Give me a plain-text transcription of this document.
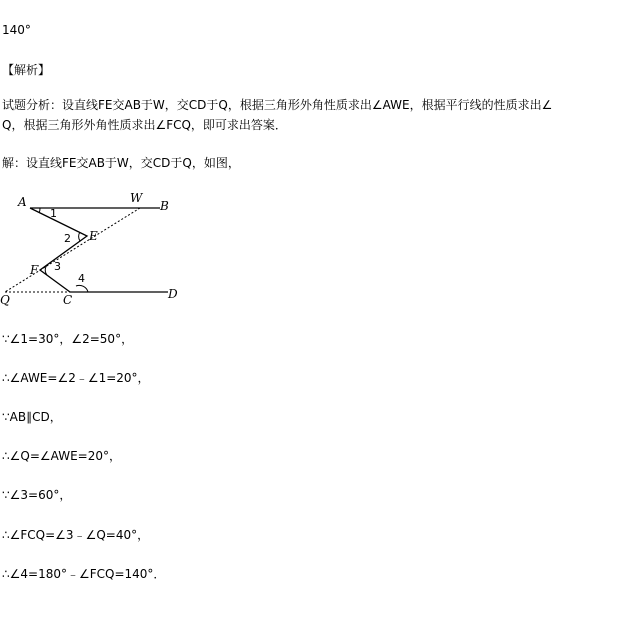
140°
【解析】
试题分析：设直线FE交AB于W，交CD于Q，根据三角形外角性质求出∠AWE，根据平行线的性质求出∠
Q，根据三角形外角性质求出∠FCQ，即可求出答案．
解：设直线FE交AB于W，交CD于Q，如图，
A	W
B
E
F
Q	C	D
1
2
3
4
∵∠1=30°，∠2=50°，
∴∠AWE=∠2﹣∠1=20°，
∵AB∥CD，
∴∠Q=∠AWE=20°，
∵∠3=60°，
∴∠FCQ=∠3﹣∠Q=40°，
∴∠4=180°﹣∠FCQ=140°．
